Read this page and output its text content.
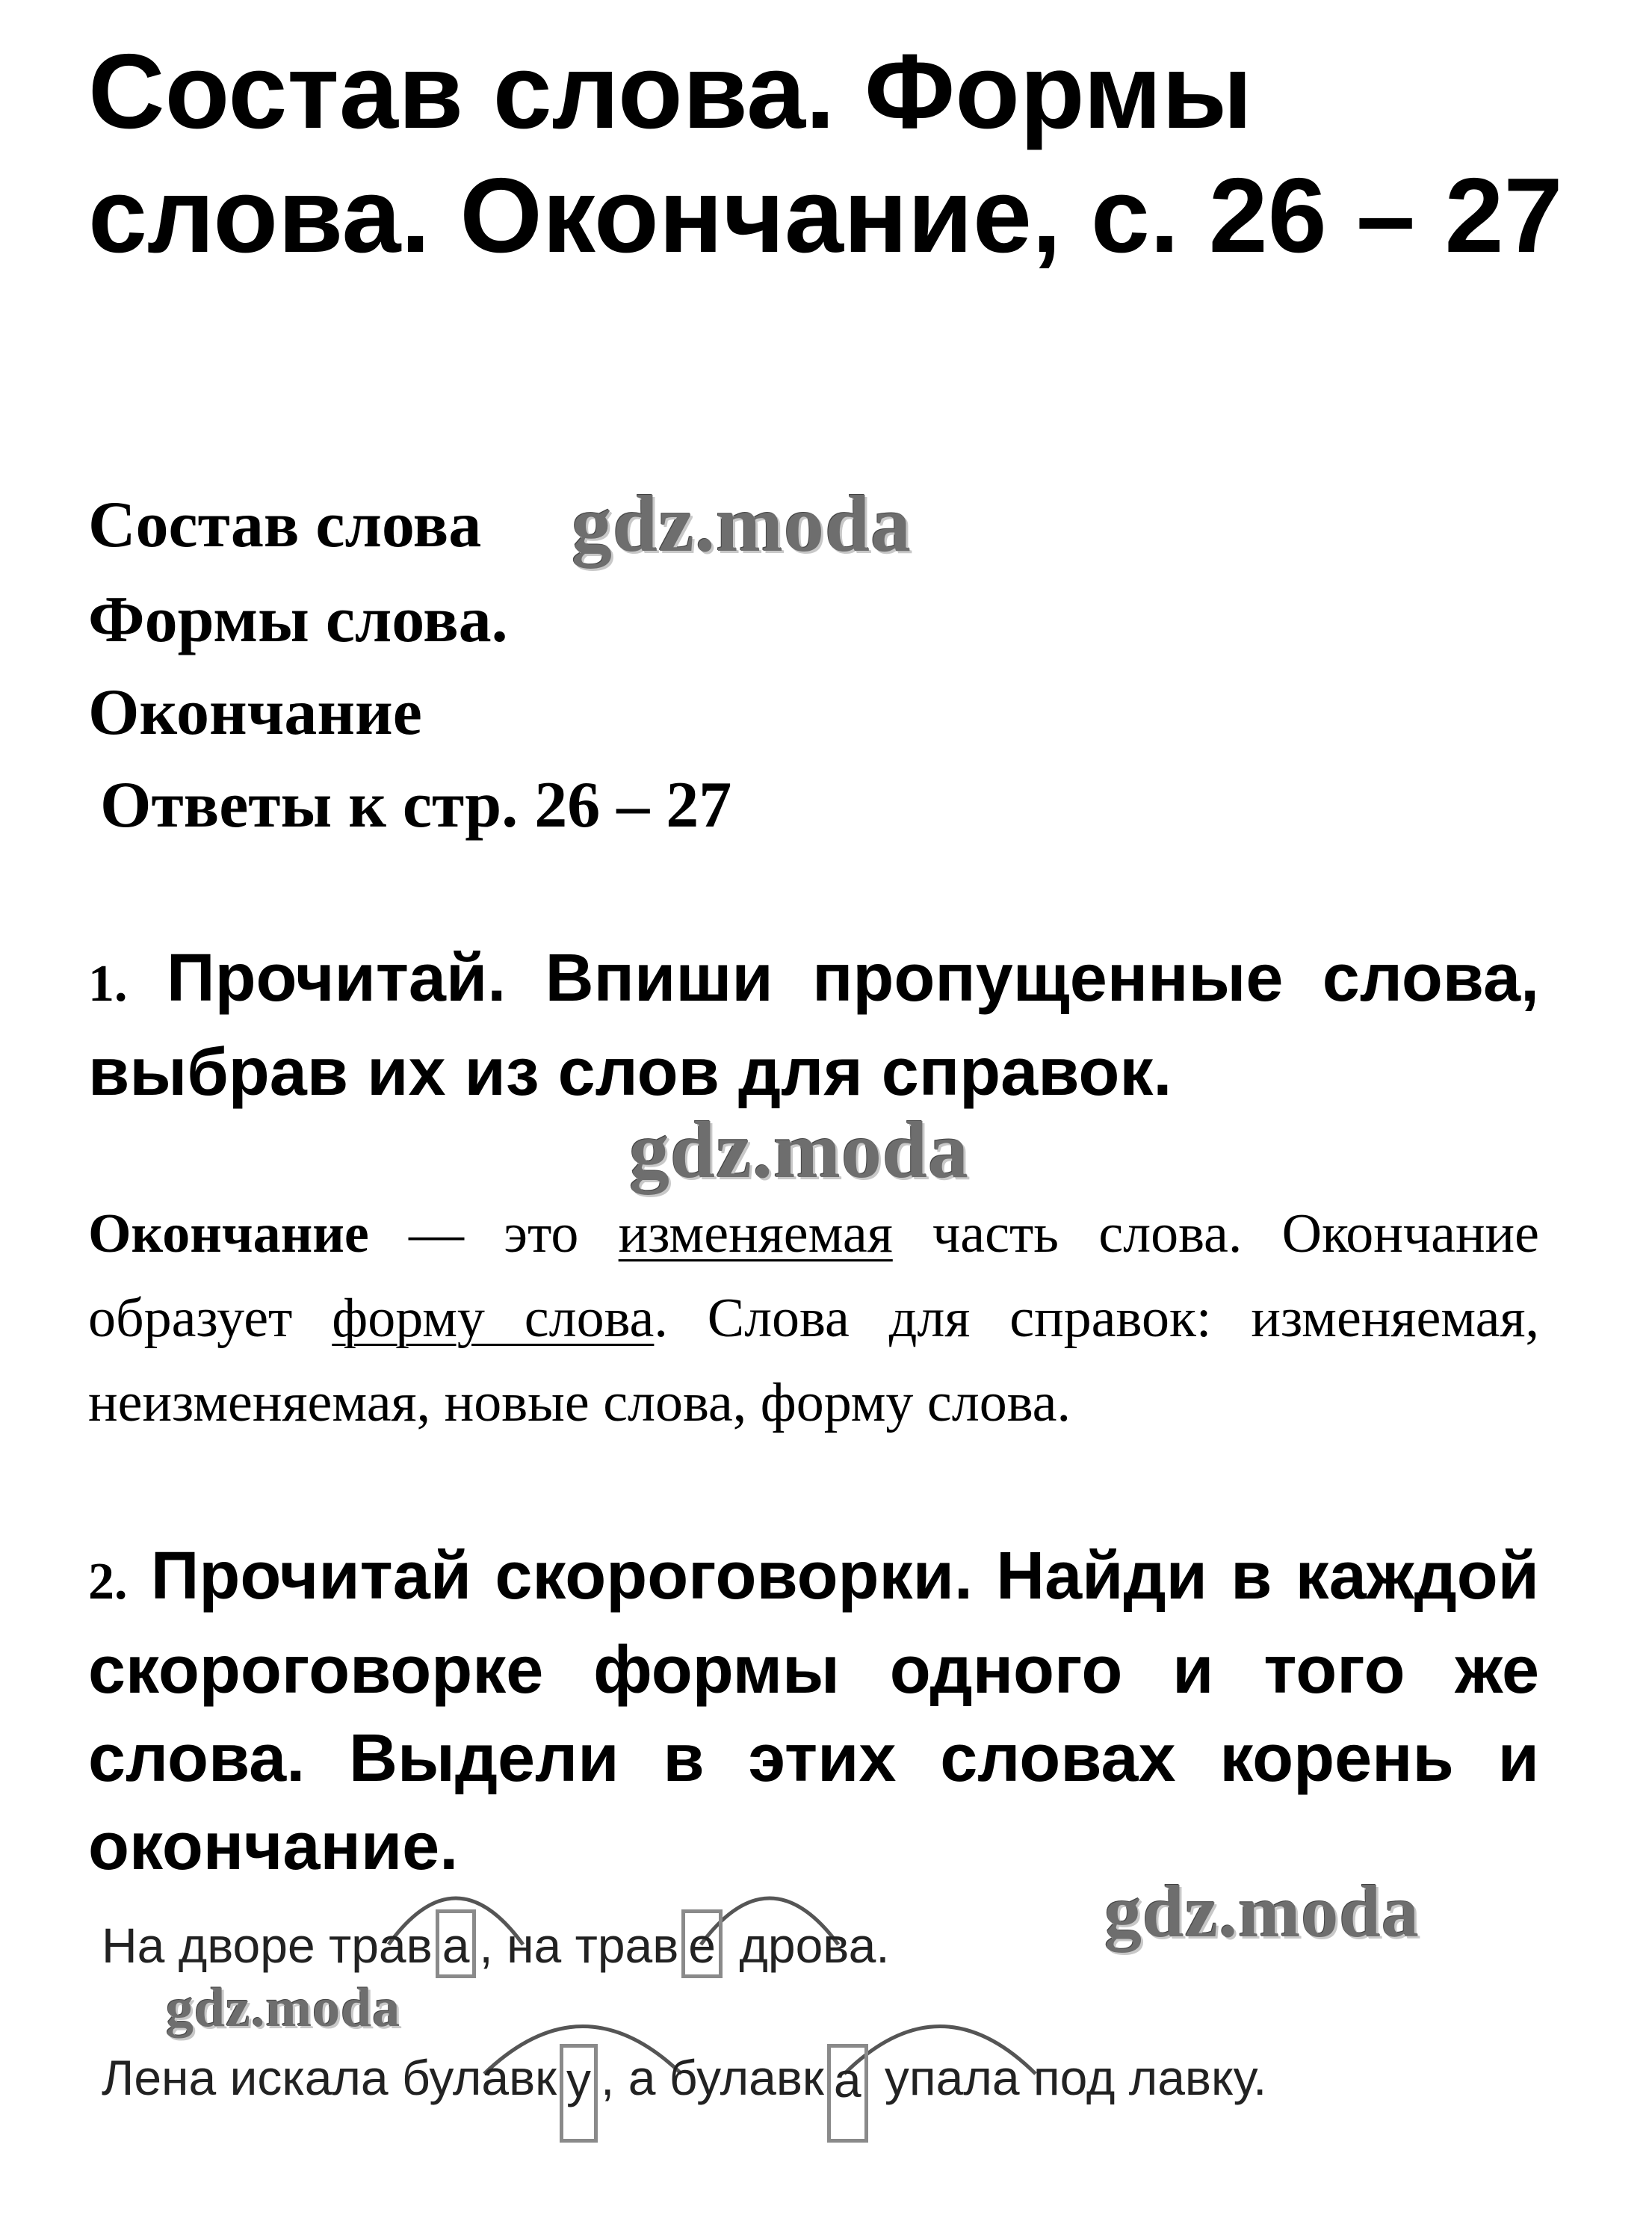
Состав слова. Формы слова. Окончание, с. 26 – 27
Состав слова gdz.moda
Формы слова.
Окончание
Ответы к стр. 26 – 27
1. Прочитай. Впиши пропущенные слова, выбрав их из слов для справок.
gdz.moda
Окончание — это изменяемая часть слова. Окончание образует форму слова. Слова для справок: изменяемая, неизменяемая, новые слова, форму слова.
2. Прочитай скороговорки. Найди в каждой скороговорке формы одного и того же слова. Выдели в этих словах корень и окончание.
gdz.moda
gdz.moda
На дворе трав а , на трав е дрова.
Лена искала булавк у , а булавк а упала под лавку.
